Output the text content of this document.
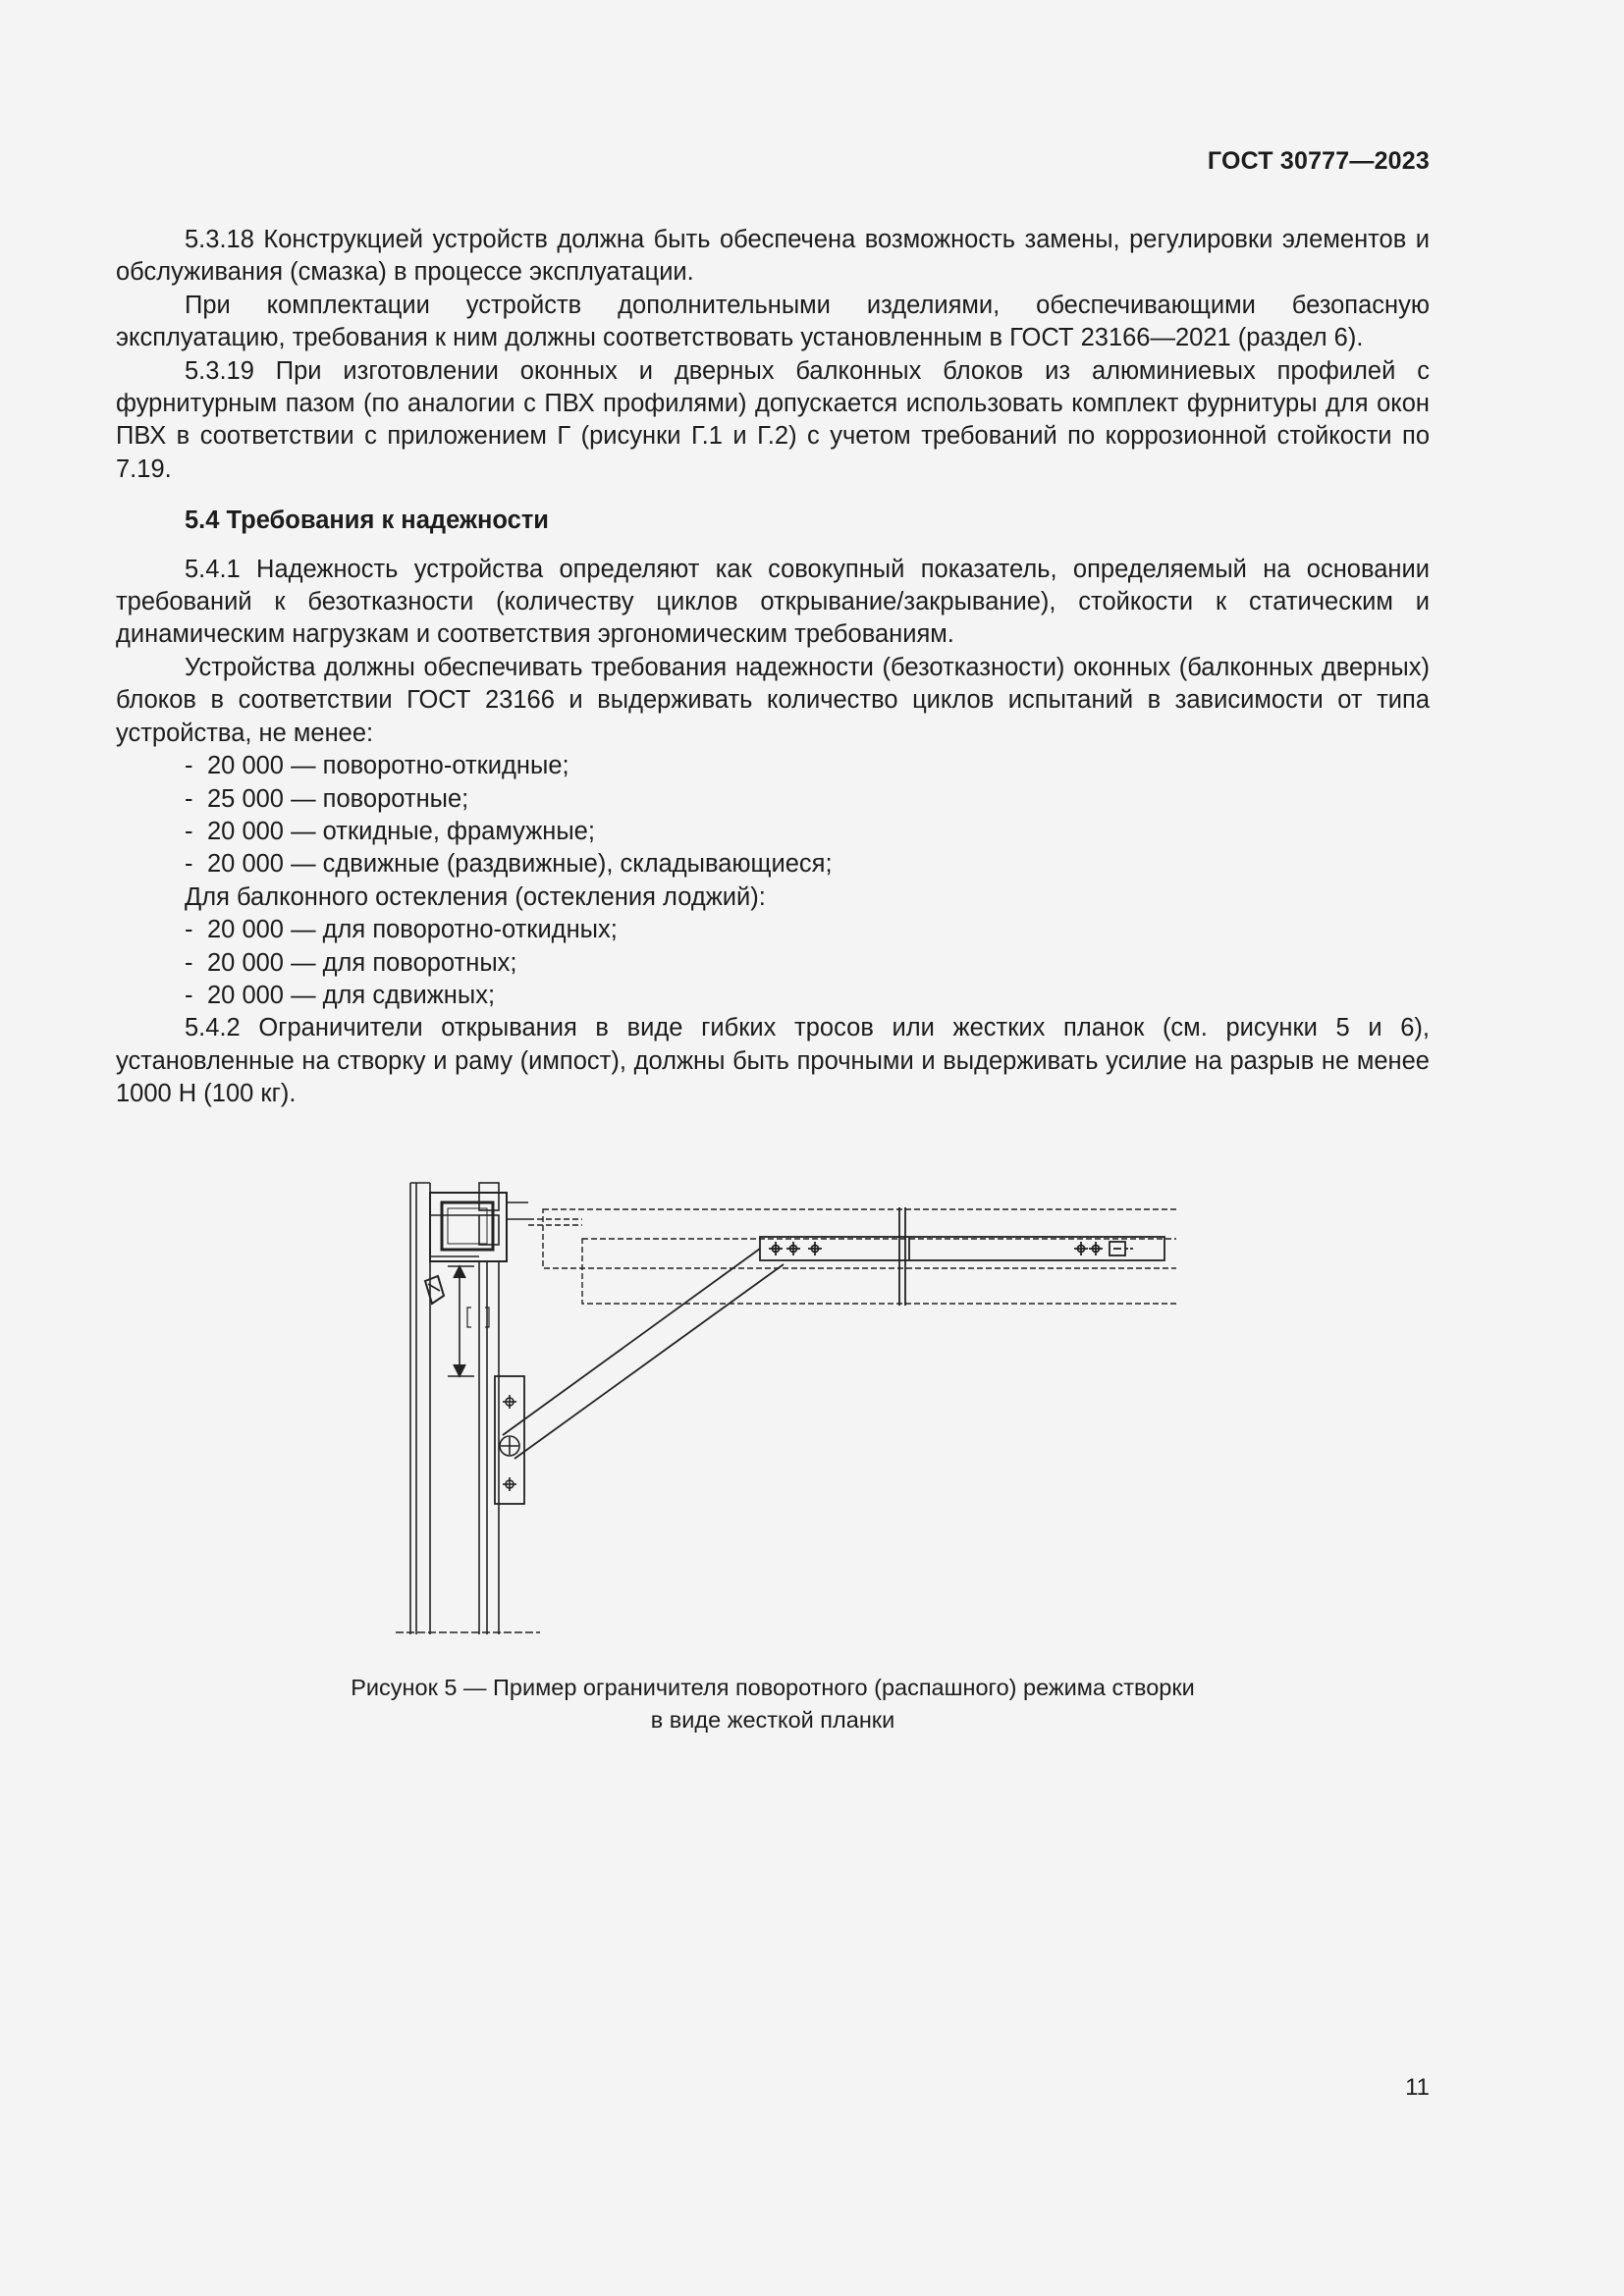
ГОСТ 30777—2023

5.3.18 Конструкцией устройств должна быть обеспечена возможность замены, регулировки элементов и обслуживания (смазка) в процессе эксплуатации.

При комплектации устройств дополнительными изделиями, обеспечивающими безопасную эксплуатацию, требования к ним должны соответствовать установленным в ГОСТ 23166—2021 (раздел 6).

5.3.19 При изготовлении оконных и дверных балконных блоков из алюминиевых профилей с фурнитурным пазом (по аналогии с ПВХ профилями) допускается использовать комплект фурнитуры для окон ПВХ в соответствии с приложением Г (рисунки Г.1 и Г.2) с учетом требований по коррозионной стойкости по 7.19.

5.4 Требования к надежности

5.4.1 Надежность устройства определяют как совокупный показатель, определяемый на основании требований к безотказности (количеству циклов открывание/закрывание), стойкости к статическим и динамическим нагрузкам и соответствия эргономическим требованиям.

Устройства должны обеспечивать требования надежности (безотказности) оконных (балконных дверных) блоков в соответствии ГОСТ 23166 и выдерживать количество циклов испытаний в зависимости от типа устройства, не менее:

- 20 000 — поворотно-откидные;

- 25 000 — поворотные;

- 20 000 — откидные, фрамужные;

- 20 000 — сдвижные (раздвижные), складывающиеся;

Для балконного остекления (остекления лоджий):

- 20 000 — для поворотно-откидных;

- 20 000 — для поворотных;

- 20 000 — для сдвижных;

5.4.2 Ограничители открывания в виде гибких тросов или жестких планок (см. рисунки 5 и 6), установленные на створку и раму (импост), должны быть прочными и выдерживать усилие на разрыв не менее 1000 Н (100 кг).

Рисунок 5 — Пример ограничителя поворотного (распашного) режима створки
в виде жесткой планки
11
